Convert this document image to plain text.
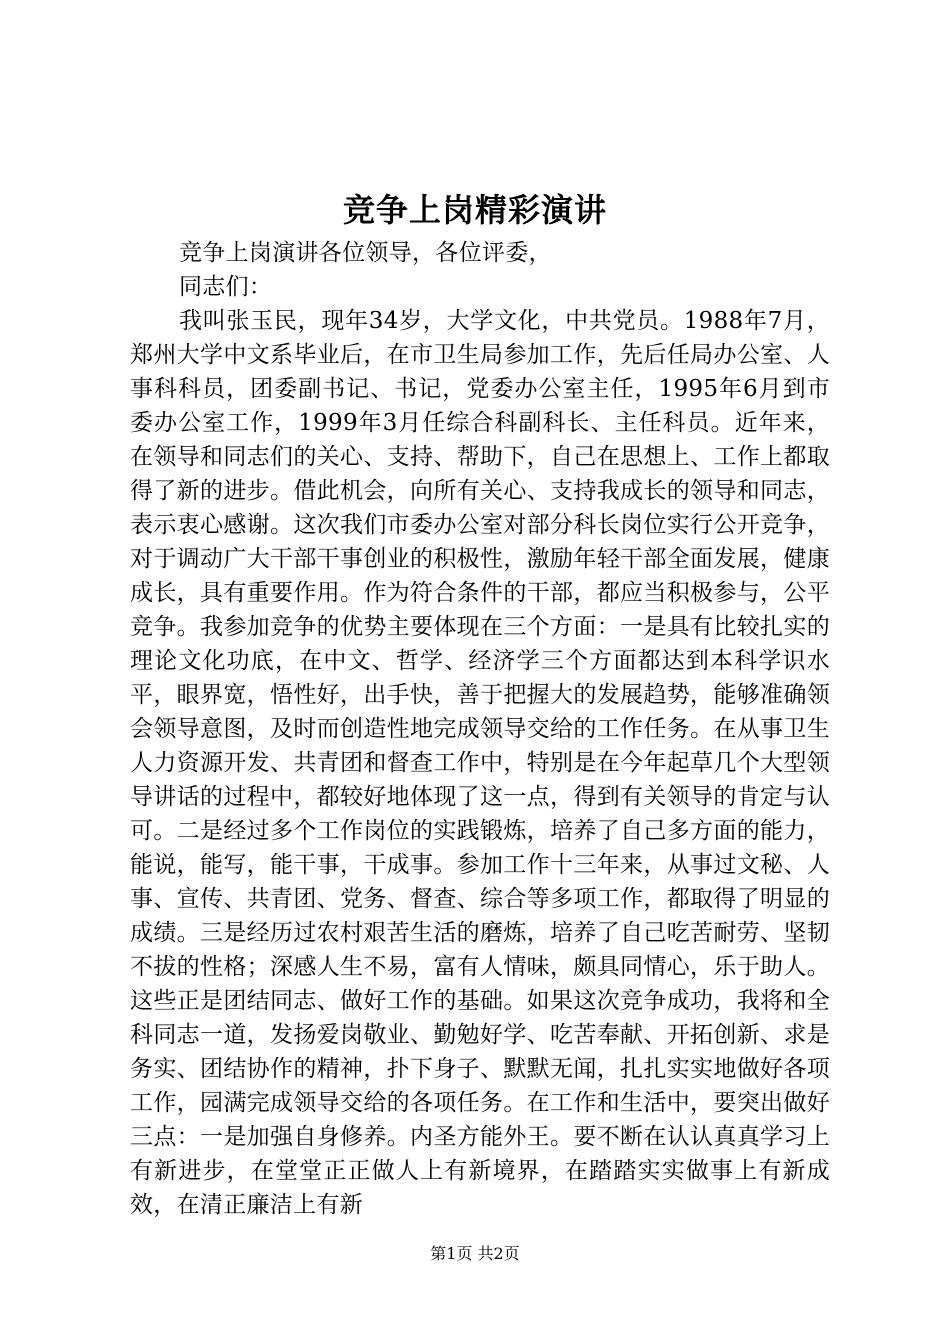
竞争上岗精彩演讲

竞争上岗演讲各位领导，各位评委，

同志们：

我叫张玉民，现年34岁，大学文化，中共党员。1988年7月，郑州大学中文系毕业后，在市卫生局参加工作，先后任局办公室、人事科科员，团委副书记、书记，党委办公室主任，1995年6月到市委办公室工作，1999年3月任综合科副科长、主任科员。近年来，在领导和同志们的关心、支持、帮助下，自己在思想上、工作上都取得了新的进步。借此机会，向所有关心、支持我成长的领导和同志，表示衷心感谢。这次我们市委办公室对部分科长岗位实行公开竞争，对于调动广大干部干事创业的积极性，激励年轻干部全面发展，健康成长，具有重要作用。作为符合条件的干部，都应当积极参与，公平竞争。我参加竞争的优势主要体现在三个方面：一是具有比较扎实的理论文化功底，在中文、哲学、经济学三个方面都达到本科学识水平，眼界宽，悟性好，出手快，善于把握大的发展趋势，能够准确领会领导意图，及时而创造性地完成领导交给的工作任务。在从事卫生人力资源开发、共青团和督查工作中，特别是在今年起草几个大型领导讲话的过程中，都较好地体现了这一点，得到有关领导的肯定与认可。二是经过多个工作岗位的实践锻炼，培养了自己多方面的能力，能说，能写，能干事，干成事。参加工作十三年来，从事过文秘、人事、宣传、共青团、党务、督查、综合等多项工作，都取得了明显的成绩。三是经历过农村艰苦生活的磨炼，培养了自己吃苦耐劳、坚韧不拔的性格；深感人生不易，富有人情味，颇具同情心，乐于助人。这些正是团结同志、做好工作的基础。如果这次竞争成功，我将和全科同志一道，发扬爱岗敬业、勤勉好学、吃苦奉献、开拓创新、求是务实、团结协作的精神，扑下身子、默默无闻，扎扎实实地做好各项工作，园满完成领导交给的各项任务。在工作和生活中，要突出做好三点：一是加强自身修养。内圣方能外王。要不断在认认真真学习上有新进步，在堂堂正正做人上有新境界，在踏踏实实做事上有新成效，在清正廉洁上有新

第1页 共2页
